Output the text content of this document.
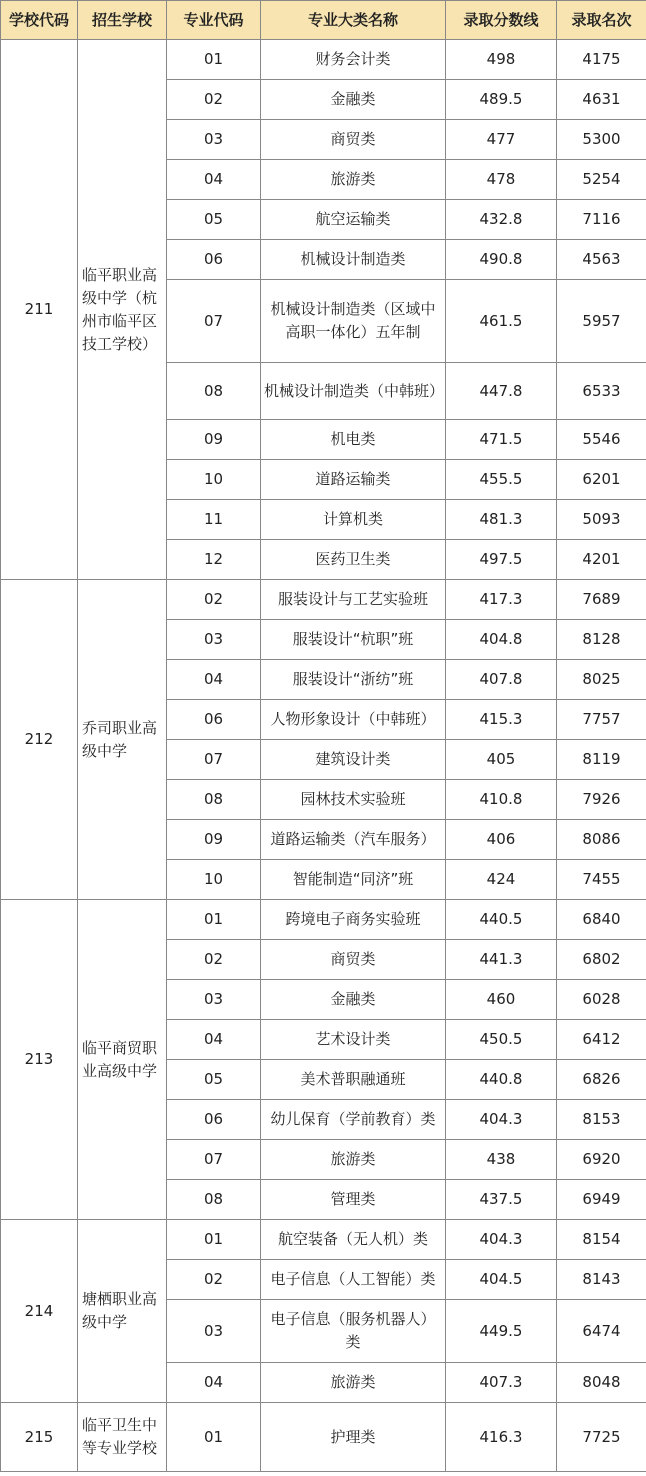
学校代码	招生学校	专业代码	专业大类名称	录取分数线	录取名次
211	临平职业高级中学（杭州市临平区技工学校）	01	财务会计类	498	4175
		02	金融类	489.5	4631
		03	商贸类	477	5300
		04	旅游类	478	5254
		05	航空运输类	432.8	7116
		06	机械设计制造类	490.8	4563
		07	机械设计制造类（区域中高职一体化）五年制	461.5	5957
		08	机械设计制造类（中韩班）	447.8	6533
		09	机电类	471.5	5546
		10	道路运输类	455.5	6201
		11	计算机类	481.3	5093
		12	医药卫生类	497.5	4201
212	乔司职业高级中学	02	服装设计与工艺实验班	417.3	7689
		03	服装设计“杭职”班	404.8	8128
		04	服装设计“浙纺”班	407.8	8025
		06	人物形象设计（中韩班）	415.3	7757
		07	建筑设计类	405	8119
		08	园林技术实验班	410.8	7926
		09	道路运输类（汽车服务）	406	8086
		10	智能制造“同济”班	424	7455
213	临平商贸职业高级中学	01	跨境电子商务实验班	440.5	6840
		02	商贸类	441.3	6802
		03	金融类	460	6028
		04	艺术设计类	450.5	6412
		05	美术普职融通班	440.8	6826
		06	幼儿保育（学前教育）类	404.3	8153
		07	旅游类	438	6920
		08	管理类	437.5	6949
214	塘栖职业高级中学	01	航空装备（无人机）类	404.3	8154
		02	电子信息（人工智能）类	404.5	8143
		03	电子信息（服务机器人）类	449.5	6474
		04	旅游类	407.3	8048
215	临平卫生中等专业学校	01	护理类	416.3	7725
